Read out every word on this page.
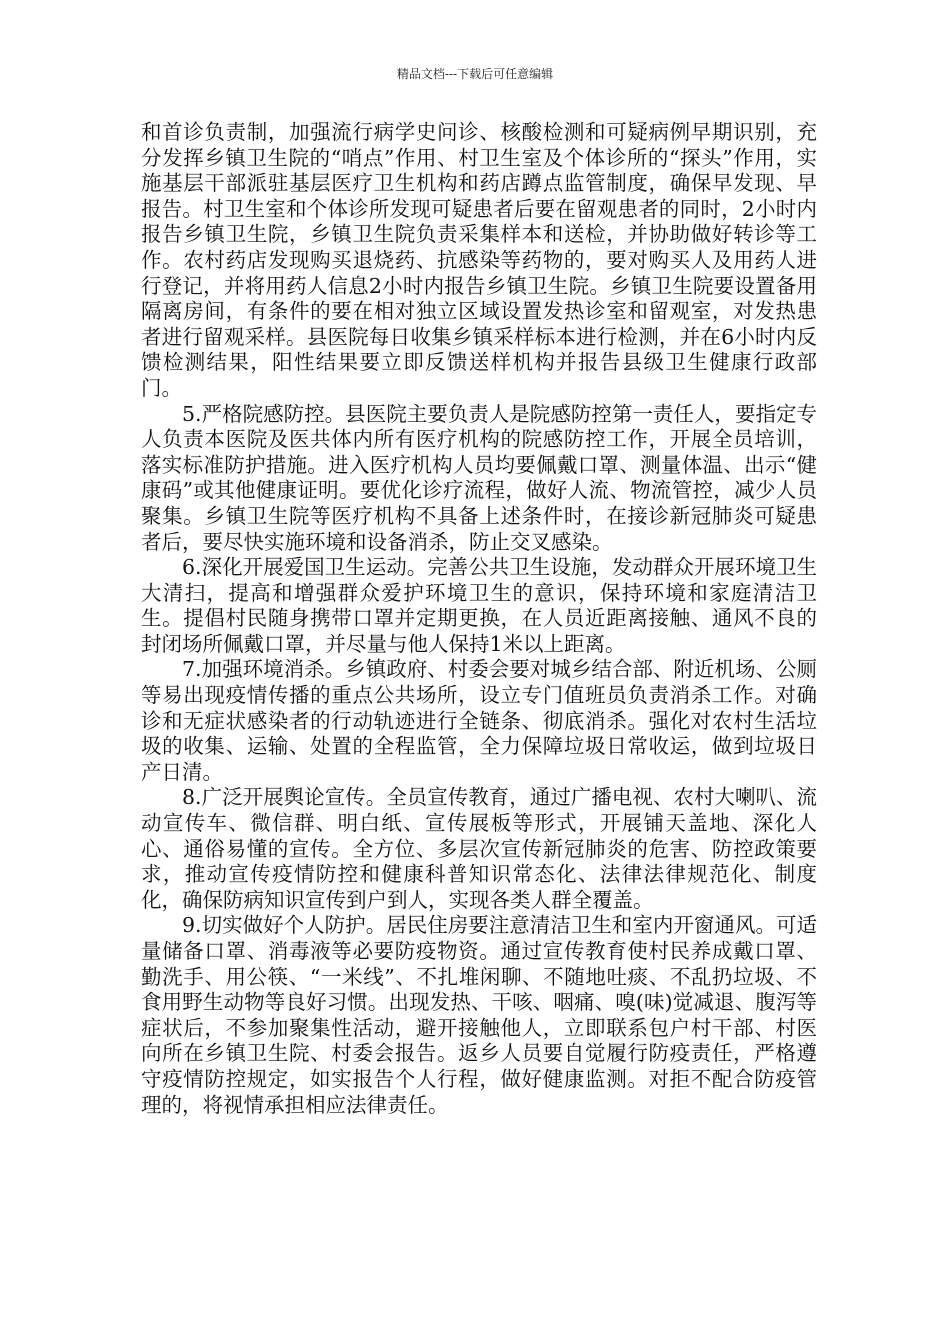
精品文档---下载后可任意编辑

和首诊负责制，加强流行病学史问诊、核酸检测和可疑病例早期识别，充分发挥乡镇卫生院的“哨点”作用、村卫生室及个体诊所的“探头”作用，实施基层干部派驻基层医疗卫生机构和药店蹲点监管制度，确保早发现、早报告。村卫生室和个体诊所发现可疑患者后要在留观患者的同时，2小时内报告乡镇卫生院，乡镇卫生院负责采集样本和送检，并协助做好转诊等工作。农村药店发现购买退烧药、抗感染等药物的，要对购买人及用药人进行登记，并将用药人信息2小时内报告乡镇卫生院。乡镇卫生院要设置备用隔离房间，有条件的要在相对独立区域设置发热诊室和留观室，对发热患者进行留观采样。县医院每日收集乡镇采样标本进行检测，并在6小时内反馈检测结果，阳性结果要立即反馈送样机构并报告县级卫生健康行政部门。

5.严格院感防控。县医院主要负责人是院感防控第一责任人，要指定专人负责本医院及医共体内所有医疗机构的院感防控工作，开展全员培训，落实标准防护措施。进入医疗机构人员均要佩戴口罩、测量体温、出示“健康码”或其他健康证明。要优化诊疗流程，做好人流、物流管控，减少人员聚集。乡镇卫生院等医疗机构不具备上述条件时，在接诊新冠肺炎可疑患者后，要尽快实施环境和设备消杀，防止交叉感染。

6.深化开展爱国卫生运动。完善公共卫生设施，发动群众开展环境卫生大清扫，提高和增强群众爱护环境卫生的意识，保持环境和家庭清洁卫生。提倡村民随身携带口罩并定期更换，在人员近距离接触、通风不良的封闭场所佩戴口罩，并尽量与他人保持1米以上距离。

7.加强环境消杀。乡镇政府、村委会要对城乡结合部、附近机场、公厕等易出现疫情传播的重点公共场所，设立专门值班员负责消杀工作。对确诊和无症状感染者的行动轨迹进行全链条、彻底消杀。强化对农村生活垃圾的收集、运输、处置的全程监管，全力保障垃圾日常收运，做到垃圾日产日清。

8.广泛开展舆论宣传。全员宣传教育，通过广播电视、农村大喇叭、流动宣传车、微信群、明白纸、宣传展板等形式，开展铺天盖地、深化人心、通俗易懂的宣传。全方位、多层次宣传新冠肺炎的危害、防控政策要求，推动宣传疫情防控和健康科普知识常态化、法律法律规范化、制度化，确保防病知识宣传到户到人，实现各类人群全覆盖。

9.切实做好个人防护。居民住房要注意清洁卫生和室内开窗通风。可适量储备口罩、消毒液等必要防疫物资。通过宣传教育使村民养成戴口罩、勤洗手、用公筷、“一米线”、不扎堆闲聊、不随地吐痰、不乱扔垃圾、不食用野生动物等良好习惯。出现发热、干咳、咽痛、嗅(味)觉减退、腹泻等症状后，不参加聚集性活动，避开接触他人，立即联系包户村干部、村医向所在乡镇卫生院、村委会报告。返乡人员要自觉履行防疫责任，严格遵守疫情防控规定，如实报告个人行程，做好健康监测。对拒不配合防疫管理的，将视情承担相应法律责任。
